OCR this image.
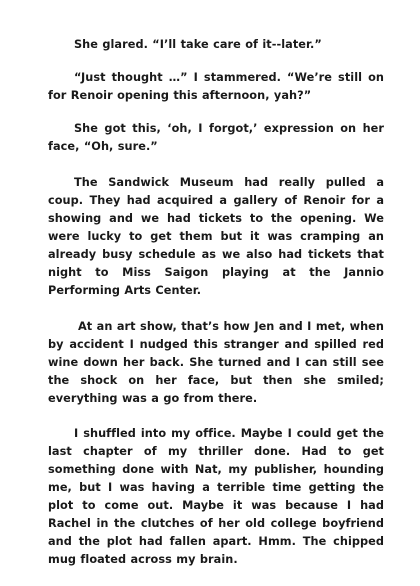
She glared. “I’ll take care of it--later.”

“Just thought …” I stammered. “We’re still on for Renoir opening this afternoon, yah?”

She got this, ‘oh, I forgot,’ expression on her face, “Oh, sure.”

The Sandwick Museum had really pulled a coup. They had acquired a gallery of Renoir for a showing and we had tickets to the opening. We were lucky to get them but it was cramping an already busy schedule as we also had tickets that night to Miss Saigon playing at the Jannio Performing Arts Center.

At an art show, that’s how Jen and I met, when by accident I nudged this stranger and spilled red wine down her back. She turned and I can still see the shock on her face, but then she smiled; everything was a go from there.

I shuffled into my office. Maybe I could get the last chapter of my thriller done. Had to get something done with Nat, my publisher, hounding me, but I was having a terrible time getting the plot to come out. Maybe it was because I had Rachel in the clutches of her old college boyfriend and the plot had fallen apart. Hmm. The chipped mug floated across my brain.
